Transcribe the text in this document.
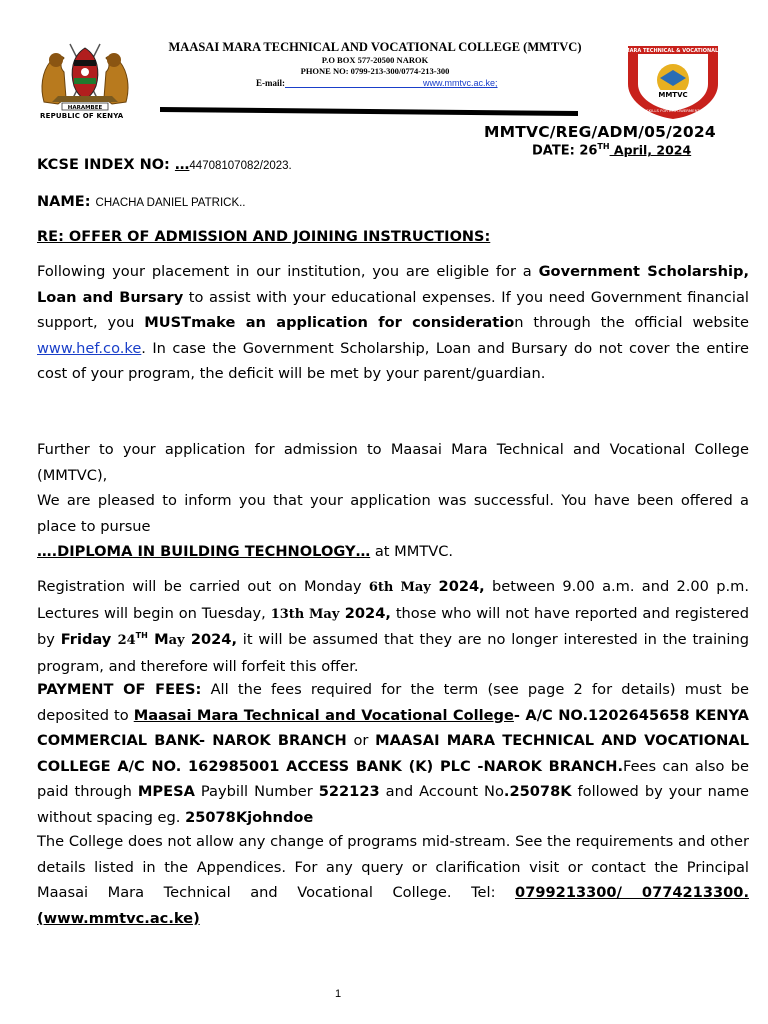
HARAMBEE
REPUBLIC OF KENYA
MAASAI MARA TECHNICAL AND VOCATIONAL COLLEGE (MMTVC)
P.O BOX 577-20500 NAROK
PHONE NO: 0799-213-300/0774-213-300
E-mail:	www.mmtvc.ac.ke;
MAASAI MARA TECHNICAL & VOCATIONAL COLLEGE
MMTVC
SKILLS FOR EMPOWERMENT
MMTVC/REG/ADM/05/2024
DATE: 26TH April, 2024
KCSE INDEX NO: …44708107082/2023.
NAME: CHACHA DANIEL PATRICK..
RE: OFFER OF ADMISSION AND JOINING INSTRUCTIONS:
Following your placement in our institution, you are eligible for a Government Scholarship, Loan and Bursary to assist with your educational expenses. If you need Government financial support, you MUSTmake an application for consideration through the official website www.hef.co.ke. In case the Government Scholarship, Loan and Bursary do not cover the entire cost of your program, the deficit will be met by your parent/guardian.
Further to your application for admission to Maasai Mara Technical and Vocational College (MMTVC),
We are pleased to inform you that your application was successful. You have been offered a place to pursue
….DIPLOMA IN BUILDING TECHNOLOGY… at MMTVC.
Registration will be carried out on Monday 6th May 2024, between 9.00 a.m. and 2.00 p.m. Lectures will begin on Tuesday, 13th May 2024, those who will not have reported and registered by Friday 24TH May 2024, it will be assumed that they are no longer interested in the training program, and therefore will forfeit this offer.
PAYMENT OF FEES: All the fees required for the term (see page 2 for details) must be deposited to Maasai Mara Technical and Vocational College- A/C NO.1202645658 KENYA COMMERCIAL BANK- NAROK BRANCH or MAASAI MARA TECHNICAL AND VOCATIONAL COLLEGE A/C NO. 162985001 ACCESS BANK (K) PLC -NAROK BRANCH.Fees can also be paid through MPESA Paybill Number 522123 and Account No.25078K followed by your name without spacing eg. 25078Kjohndoe
The College does not allow any change of programs mid-stream. See the requirements and other details listed in the Appendices. For any query or clarification visit or contact the Principal Maasai Mara Technical and Vocational College. Tel: 0799213300/ 0774213300. (www.mmtvc.ac.ke)
1
